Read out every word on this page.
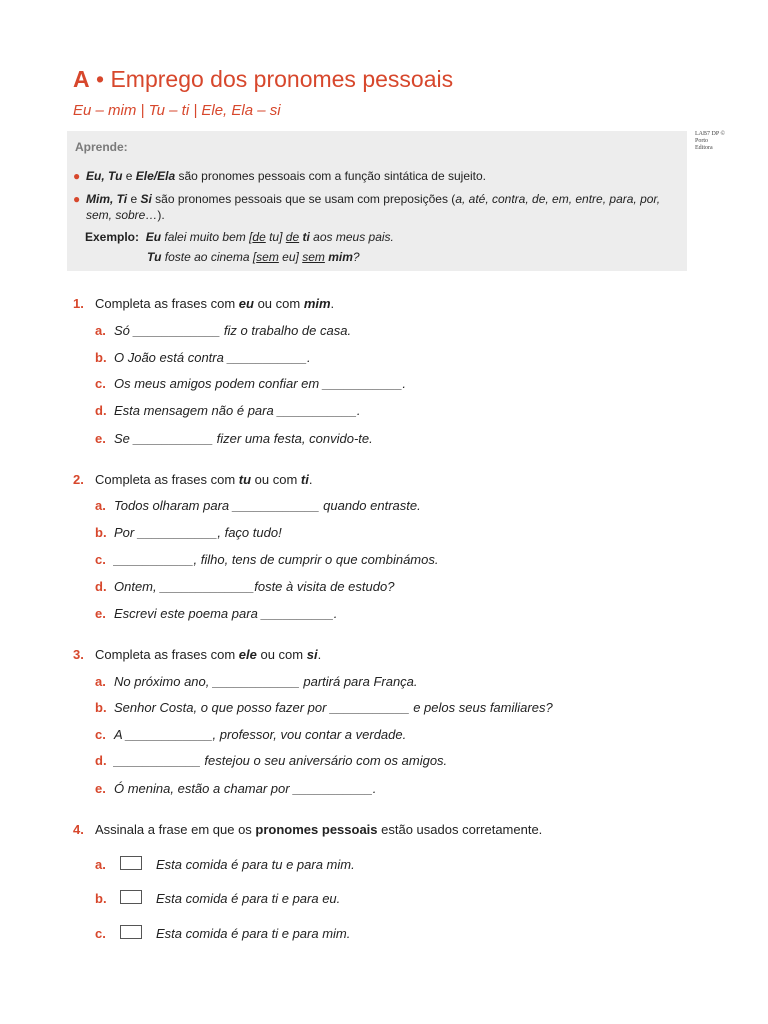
A • Emprego dos pronomes pessoais
Eu – mim | Tu – ti | Ele, Ela – si
LAB7 DP © Porto Editora
Aprende:
● Eu, Tu e Ele/Ela são pronomes pessoais com a função sintática de sujeito.
● Mim, Ti e Si são pronomes pessoais que se usam com preposições (a, até, contra, de, em, entre, para, por, sem, sobre…).
Exemplo: Eu falei muito bem [de tu] de ti aos meus pais.
Tu foste ao cinema [sem eu] sem mim?
1. Completa as frases com eu ou com mim.
a. Só ____________ fiz o trabalho de casa.
b. O João está contra ___________.
c. Os meus amigos podem confiar em ___________.
d. Esta mensagem não é para ___________.
e. Se ___________ fizer uma festa, convido-te.
2. Completa as frases com tu ou com ti.
a. Todos olharam para ____________ quando entraste.
b. Por ___________, faço tudo!
c. ___________, filho, tens de cumprir o que combinámos.
d. Ontem, _____________foste à visita de estudo?
e. Escrevi este poema para __________.
3. Completa as frases com ele ou com si.
a. No próximo ano, ____________ partirá para França.
b. Senhor Costa, o que posso fazer por ___________ e pelos seus familiares?
c. A ____________, professor, vou contar a verdade.
d. ____________ festejou o seu aniversário com os amigos.
e. Ó menina, estão a chamar por ___________.
4. Assinala a frase em que os pronomes pessoais estão usados corretamente.
a.	Esta comida é para tu e para mim.
b.	Esta comida é para ti e para eu.
c.	Esta comida é para ti e para mim.
